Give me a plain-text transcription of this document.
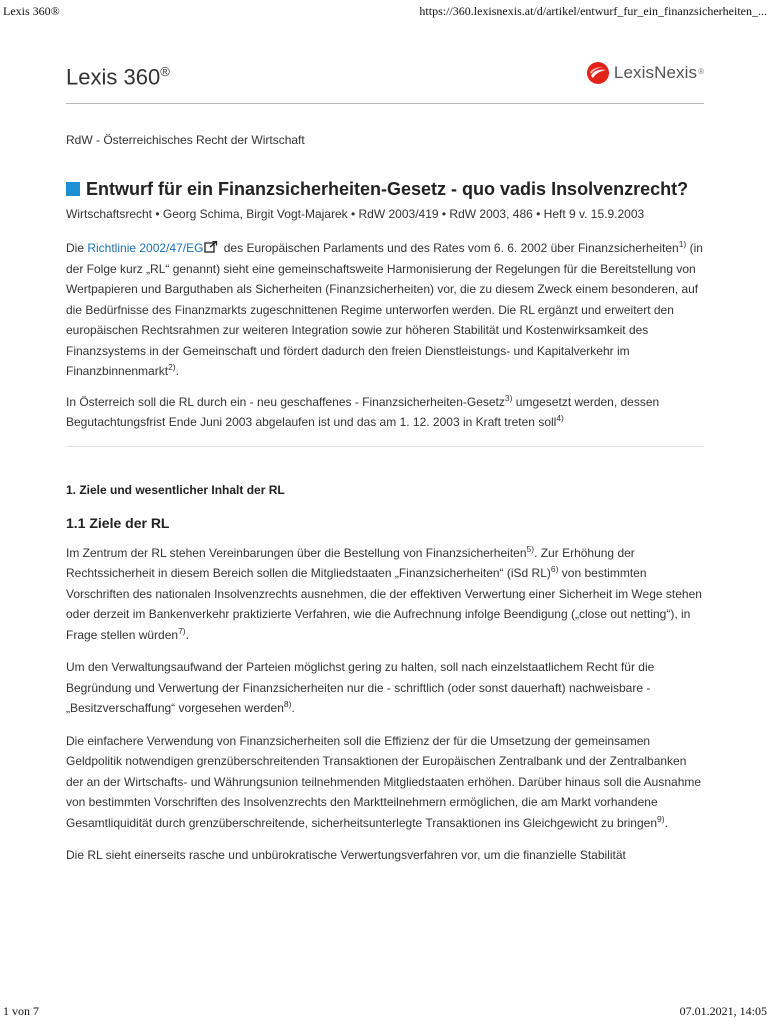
Lexis 360®	https://360.lexisnexis.at/d/artikel/entwurf_fur_ein_finanzsicherheiten_...
Lexis 360®	LexisNexis ®
RdW - Österreichisches Recht der Wirtschaft
Entwurf für ein Finanzsicherheiten-Gesetz - quo vadis Insolvenzrecht?
Wirtschaftsrecht • Georg Schima, Birgit Vogt-Majarek • RdW 2003/419 • RdW 2003, 486 • Heft 9 v. 15.9.2003

Die Richtlinie 2002/47/EG des Europäischen Parlaments und des Rates vom 6. 6. 2002 über Finanzsicherheiten$^{1)}$ (in der Folge kurz „RL“ genannt) sieht eine gemeinschaftsweite Harmonisierung der Regelungen für die Bereitstellung von Wertpapieren und Barguthaben als Sicherheiten (Finanzsicherheiten) vor, die zu diesem Zweck einem besonderen, auf die Bedürfnisse des Finanzmarkts zugeschnittenen Regime unterworfen werden. Die RL ergänzt und erweitert den europäischen Rechtsrahmen zur weiteren Integration sowie zur höheren Stabilität und Kostenwirksamkeit des Finanzsystems in der Gemeinschaft und fördert dadurch den freien Dienstleistungs- und Kapitalverkehr im Finanzbinnenmarkt$^{2)}$.

In Österreich soll die RL durch ein - neu geschaffenes - Finanzsicherheiten-Gesetz$^{3)}$ umgesetzt werden, dessen Begutachtungsfrist Ende Juni 2003 abgelaufen ist und das am 1. 12. 2003 in Kraft treten soll$^{4)}$

1. Ziele und wesentlicher Inhalt der RL
1.1 Ziele der RL

Im Zentrum der RL stehen Vereinbarungen über die Bestellung von Finanzsicherheiten$^{5)}$. Zur Erhöhung der Rechtssicherheit in diesem Bereich sollen die Mitgliedstaaten „Finanzsicherheiten“ (iSd RL)$^{6)}$ von bestimmten Vorschriften des nationalen Insolvenzrechts ausnehmen, die der effektiven Verwertung einer Sicherheit im Wege stehen oder derzeit im Bankenverkehr praktizierte Verfahren, wie die Aufrechnung infolge Beendigung („close out netting“), in Frage stellen würden$^{7)}$.

Um den Verwaltungsaufwand der Parteien möglichst gering zu halten, soll nach einzelstaatlichem Recht für die Begründung und Verwertung der Finanzsicherheiten nur die - schriftlich (oder sonst dauerhaft) nachweisbare - „Besitzverschaffung“ vorgesehen werden$^{8)}$.

Die einfachere Verwendung von Finanzsicherheiten soll die Effizienz der für die Umsetzung der gemeinsamen Geldpolitik notwendigen grenzüberschreitenden Transaktionen der Europäischen Zentralbank und der Zentralbanken der an der Wirtschafts- und Währungsunion teilnehmenden Mitgliedstaaten erhöhen. Darüber hinaus soll die Ausnahme von bestimmten Vorschriften des Insolvenzrechts den Marktteilnehmern ermöglichen, die am Markt vorhandene Gesamtliquidität durch grenzüberschreitende, sicherheitsunterlegte Transaktionen ins Gleichgewicht zu bringen$^{9)}$.

Die RL sieht einerseits rasche und unbürokratische Verwertungsverfahren vor, um die finanzielle Stabilität

1 von 7	07.01.2021, 14:05
